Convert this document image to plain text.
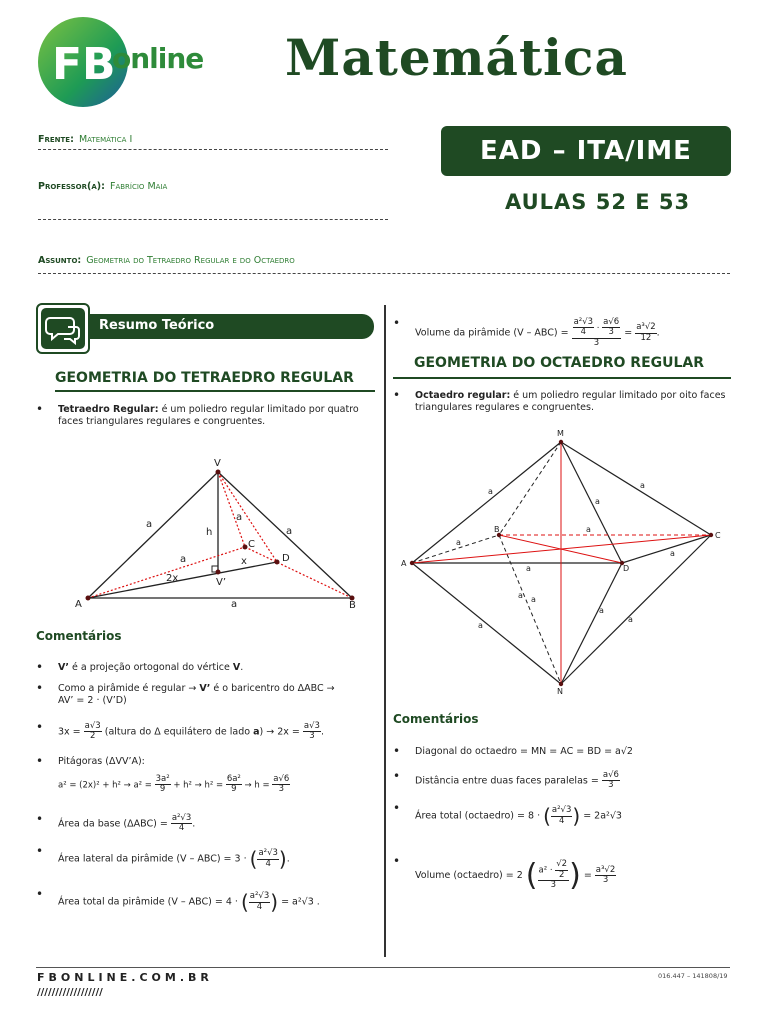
FB
online Matemática
Frente: Matemática I
Professor(a): Fabrício Maia
Assunto: Geometria do Tetraedro Regular e do Octaedro
EAD – ITA/IME
AULAS 52 E 53
Resumo Teórico
GEOMETRIA DO TETRAEDRO REGULAR
• Tetraedro Regular: é um poliedro regular limitado por quatro faces triangulares regulares e congruentes.
V
A	B
C
D
V’
a
a
a
a
a
h
x
2x
Comentários
• V’ é a projeção ortogonal do vértice V.
• Como a pirâmide é regular → V’ é o baricentro do ΔABC →
AV’ = 2 · (V’D)
• $3x = \frac{a√3}{2}$ (altura do Δ equilátero de lado $a) \to 2x = \frac{a√3}{3}$ .
• Pitágoras (ΔVV’A):
$a^2 = (2x)^2 + h^2 \to a^2 = \frac{\text{3a²}}{9} + h^2 \to h^2 = \frac{\text{6a²}}{9} \to h = \frac{a√6}{3}$
• Área da base $(\Delta ABC) = \frac{\text{a²√3}}{4}$ .
• Área lateral da pirâmide (V – ABC) = 3 · ( $\frac{\text{a²√3}}{4}$ ).
• Área total da pirâmide (V – ABC) = 4 · ( $\frac{\text{a²√3}}{4}$ ) = a²√3 .
• Volume da pirâmide $(V - ABC) = \frac{\frac{\text{a²√3}}{4} \cdot \frac{a√6}{3}}{3} = \frac{\text{a³√2}}{12}$ .
GEOMETRIA DO OCTAEDRO REGULAR
• Octaedro regular: é um poliedro regular limitado por oito faces triangulares regulares e congruentes.
M
N
A
C
B
D
a
a
a
a
a
a
a
a a
a
a
a
Comentários
• Diagonal do octaedro = MN = AC = BD = a√2
• Distância entre duas faces paralelas = $\frac{a√6}{3}$
• Área total (octaedro) = 8 · ( $\frac{\text{a²√3}}{4}$ ) = 2a²√3
• Volume (octaedro) = 2 ( $\frac{a^2 \cdot \frac{√2}{2}}{3}$ ) = $\frac{\text{a³√2}}{3}$
FBONLINE.COM.BR
//////////////////
016.447 – 141808/19
